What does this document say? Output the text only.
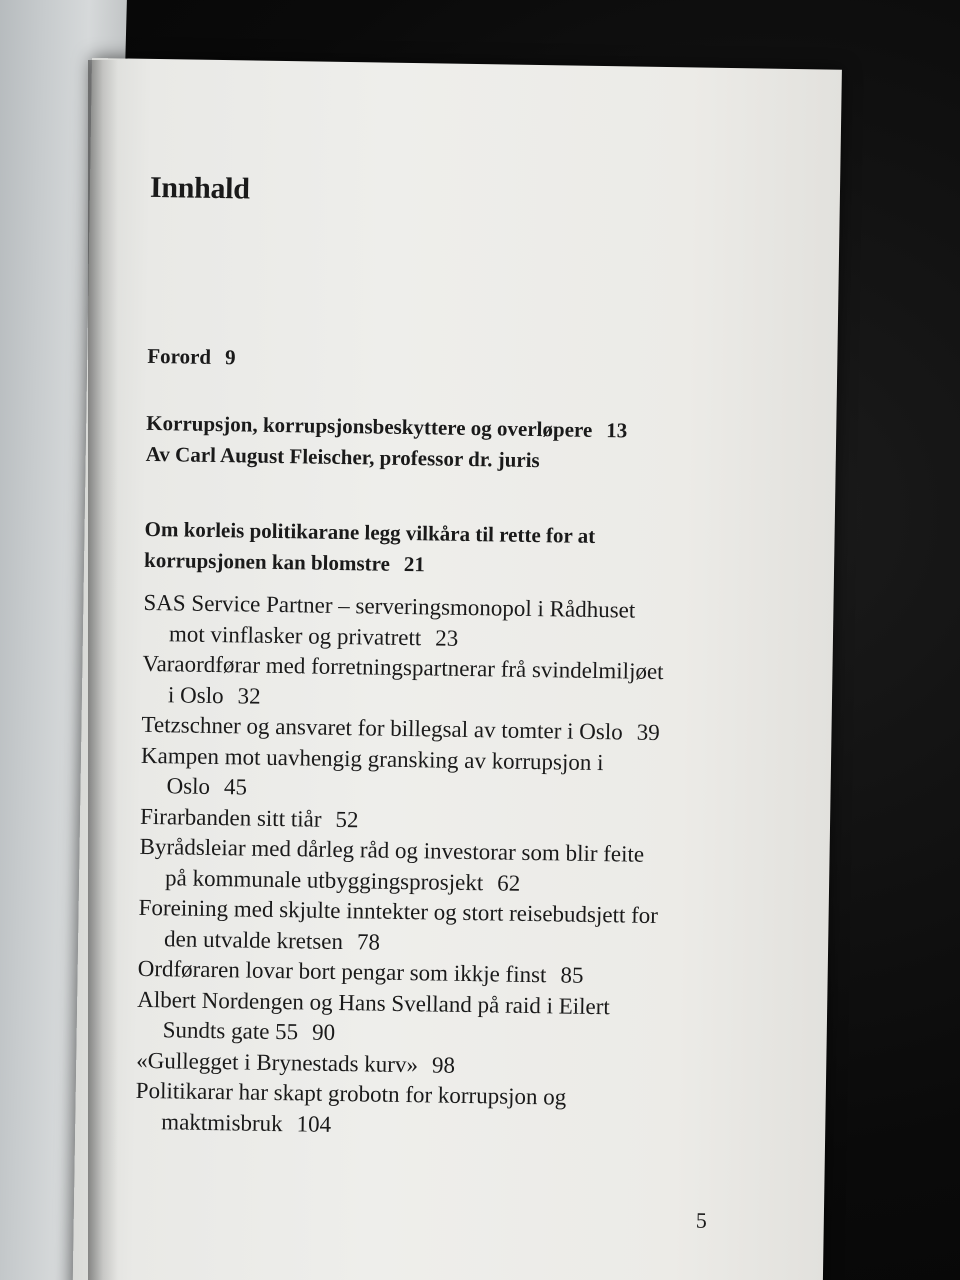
Innhald

Forord 9

Korrupsjon, korrupsjonsbeskyttere og overløpere 13

Av Carl August Fleischer, professor dr. juris

Om korleis politikarane legg vilkåra til rette for at

korrupsjonen kan blomstre 21

SAS Service Partner – serveringsmonopol i Rådhuset
mot vinflasker og privatrett 23

Varaordførar med forretningspartnerar frå svindelmiljøet
i Oslo 32

Tetzschner og ansvaret for billegsal av tomter i Oslo 39

Kampen mot uavhengig gransking av korrupsjon i
Oslo 45

Firarbanden sitt tiår 52

Byrådsleiar med dårleg råd og investorar som blir feite
på kommunale utbyggingsprosjekt 62

Foreining med skjulte inntekter og stort reisebudsjett for
den utvalde kretsen 78

Ordføraren lovar bort pengar som ikkje finst 85

Albert Nordengen og Hans Svelland på raid i Eilert
Sundts gate 55 90

«Gullegget i Brynestads kurv» 98

Politikarar har skapt grobotn for korrupsjon og
maktmisbruk 104

5
